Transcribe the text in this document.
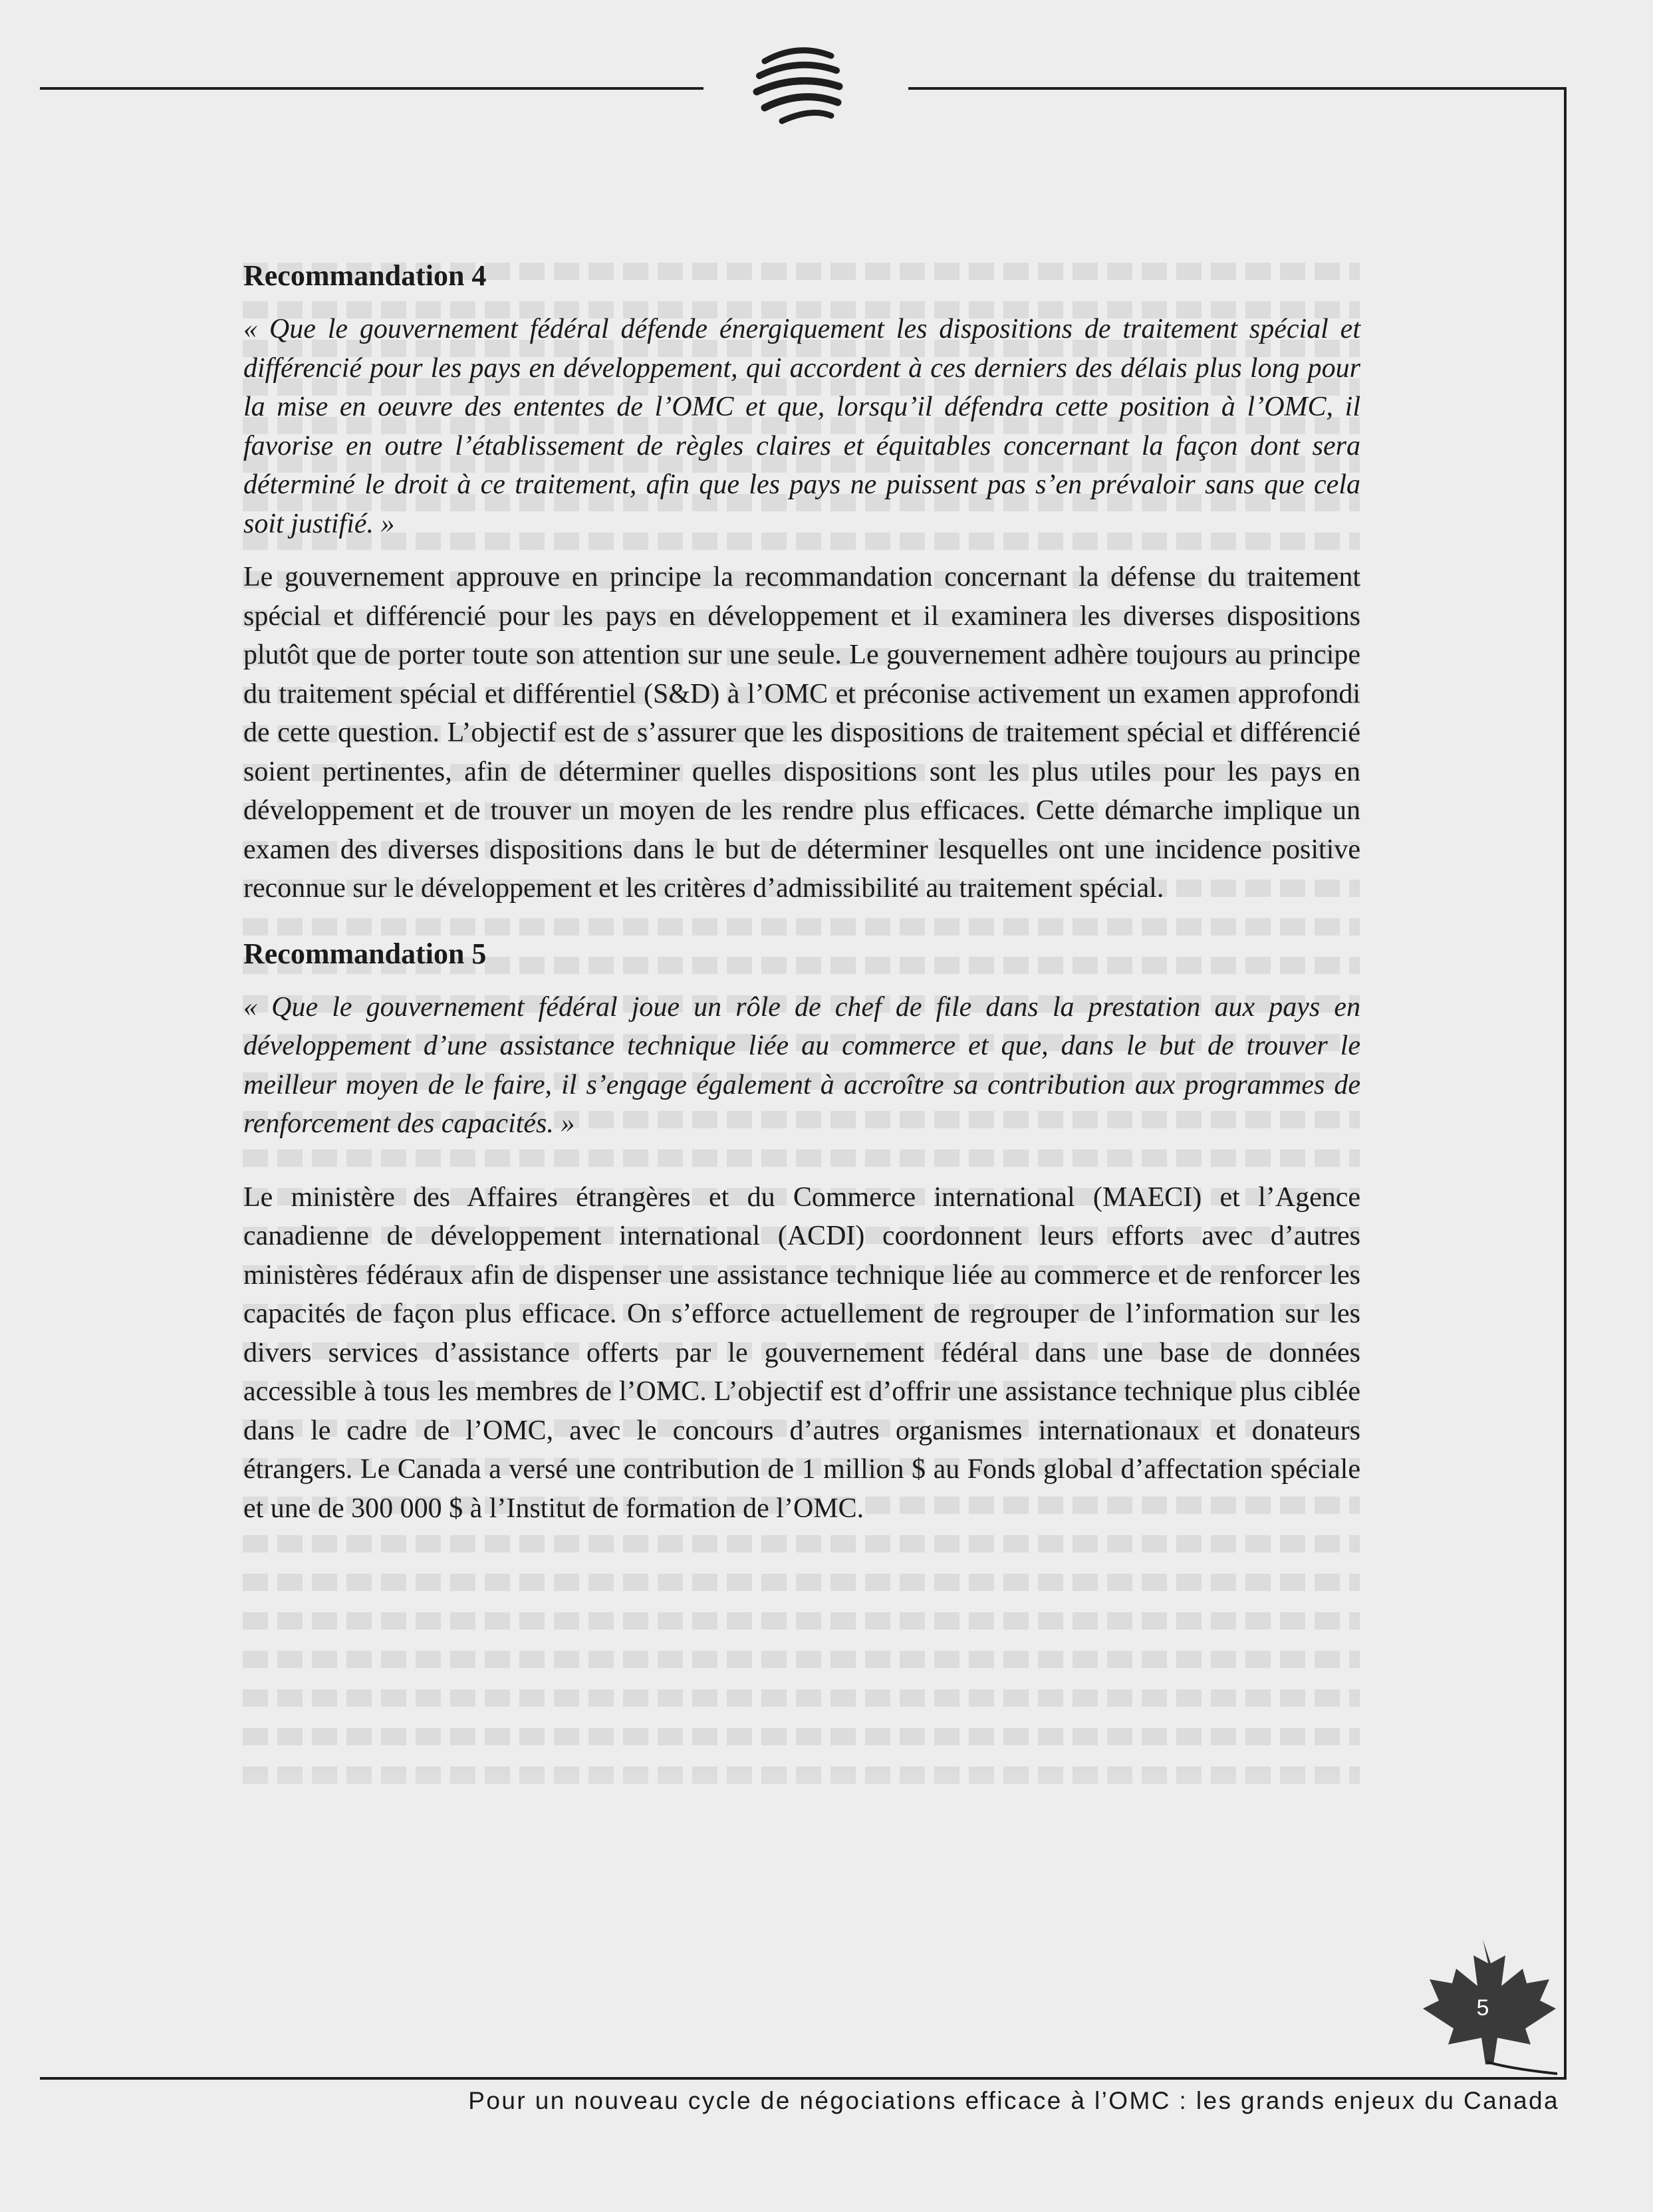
Recommandation 4

« Que le gouvernement fédéral défende énergiquement les dispositions de traitement spécial et différencié pour les pays en développement, qui accordent à ces derniers des délais plus long pour la mise en oeuvre des ententes de l’OMC et que, lorsqu’il défendra cette position à l’OMC, il favorise en outre l’établissement de règles claires et équitables concernant la façon dont sera déterminé le droit à ce traitement, afin que les pays ne puissent pas s’en prévaloir sans que cela soit justifié. »

Le gouvernement approuve en principe la recommandation concernant la défense du traitement spécial et différencié pour les pays en développement et il examinera les diverses dispositions plutôt que de porter toute son attention sur une seule. Le gouvernement adhère toujours au principe du traitement spécial et différentiel (S&D) à l’OMC et préconise activement un examen approfondi de cette question. L’objectif est de s’assurer que les dispositions de traitement spécial et différencié soient pertinentes, afin de déterminer quelles dispositions sont les plus utiles pour les pays en développement et de trouver un moyen de les rendre plus efficaces. Cette démarche implique un examen des diverses dispositions dans le but de déterminer lesquelles ont une incidence positive reconnue sur le développement et les critères d’admissibilité au traitement spécial.

Recommandation 5

« Que le gouvernement fédéral joue un rôle de chef de file dans la prestation aux pays en développement d’une assistance technique liée au commerce et que, dans le but de trouver le meilleur moyen de le faire, il s’engage également à accroître sa contribution aux programmes de renforcement des capacités. »

Le ministère des Affaires étrangères et du Commerce international (MAECI) et l’Agence canadienne de développement international (ACDI) coordonnent leurs efforts avec d’autres ministères fédéraux afin de dispenser une assistance technique liée au commerce et de renforcer les capacités de façon plus efficace. On s’efforce actuellement de regrouper de l’information sur les divers services d’assistance offerts par le gouvernement fédéral dans une base de données accessible à tous les membres de l’OMC. L’objectif est d’offrir une assistance technique plus ciblée dans le cadre de l’OMC, avec le concours d’autres organismes internationaux et donateurs étrangers. Le Canada a versé une contribution de 1 million $ au Fonds global d’affectation spéciale et une de 300 000 $ à l’Institut de formation de l’OMC.

5
Pour un nouveau cycle de négociations efficace à l’OMC : les grands enjeux du Canada
